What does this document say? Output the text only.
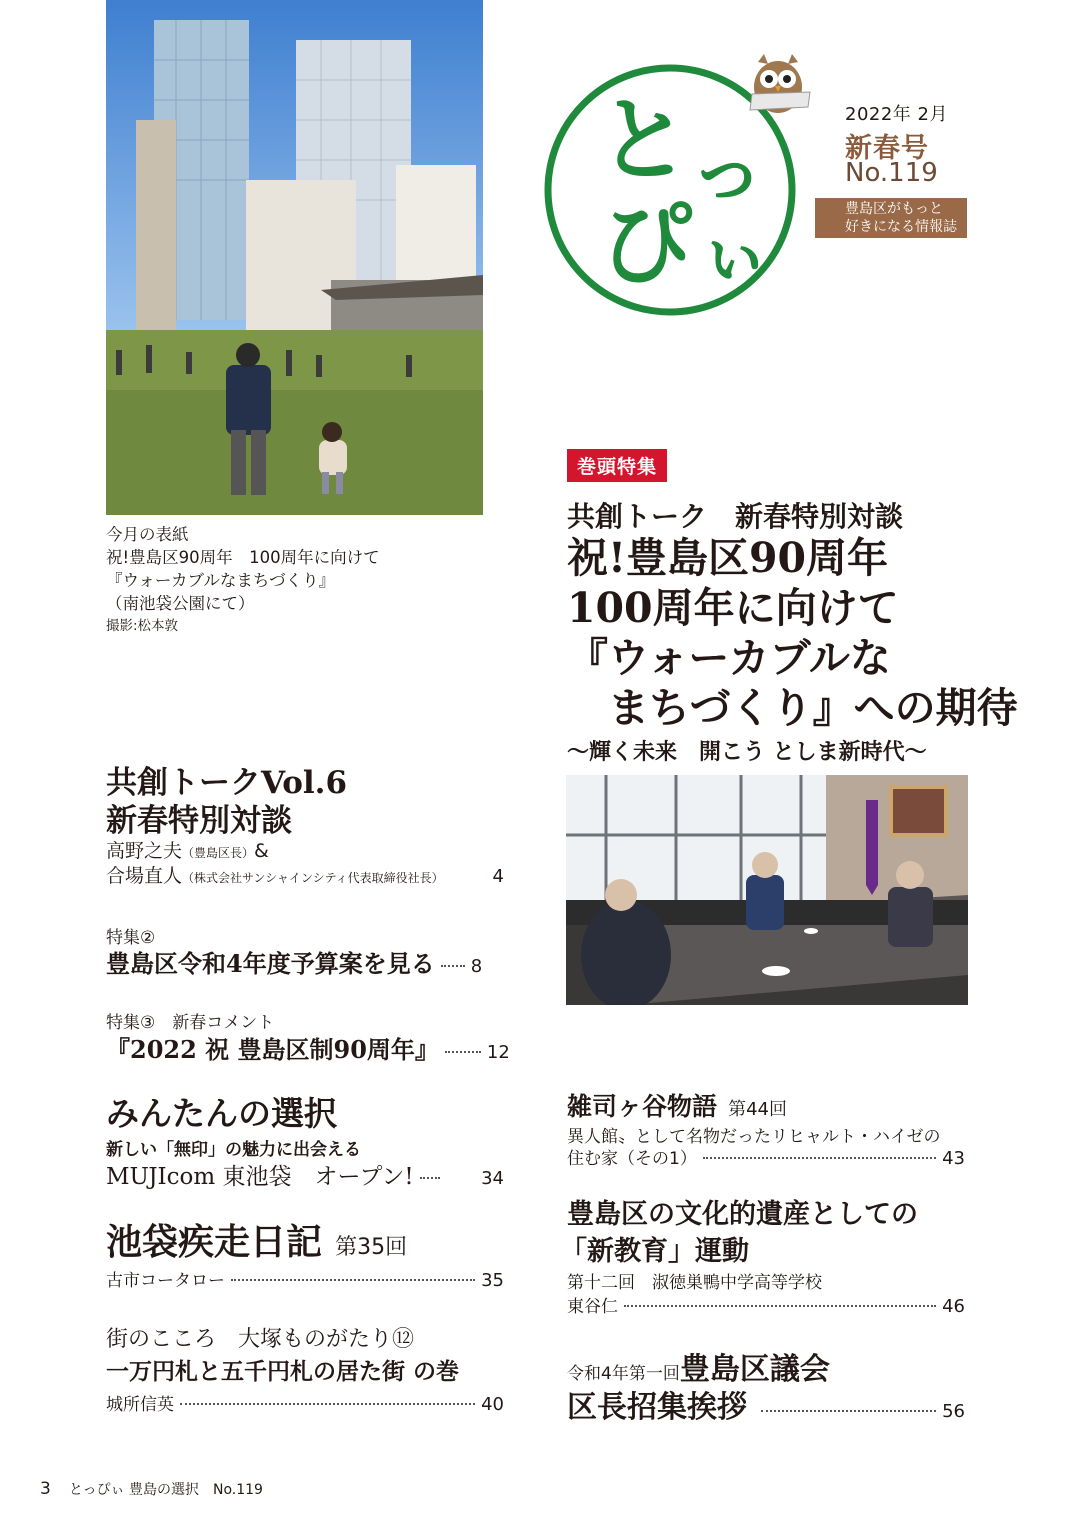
今月の表紙
祝!豊島区90周年　100周年に向けて
『ウォーカブルなまちづくり』
（南池袋公園にて）
撮影:松本敦
と っ
ぴ ぃ
2022年 2月
新春号
No.119
豊島区がもっと
好きになる情報誌
巻頭特集
共創トーク　新春特別対談
祝!豊島区90周年
100周年に向けて
『ウォーカブルな
　まちづくり』への期待
～輝く未来　開こう としま新時代～
共創トークVol.6
新春特別対談
高野之夫（豊島区長）&
合場直人 （株式会社サンシャインシティ代表取締役社長）	4
特集②
豊島区令和4年度予算案を見る 8
特集③　新春コメント
『2022 祝 豊島区制90周年』	12
みんたんの選択
新しい「無印」の魅力に出会える
MUJIcom 東池袋　オープン!	34
池袋疾走日記 第35回
古市コータロー	35
街のこころ　大塚ものがたり⑫
一万円札と五千円札の居た街 の巻
城所信英	40
雑司ヶ谷物語 第44回
異人館〟として名物だったリヒャルト・ハイゼの
住む家（その1）	43
豊島区の文化的遺産としての
「新教育」運動
第十二回　淑徳巣鴨中学高等学校
東谷仁	46
令和4年第一回豊島区議会
区長招集挨拶	56
3 とっぴぃ 豊島の選択　No.119
